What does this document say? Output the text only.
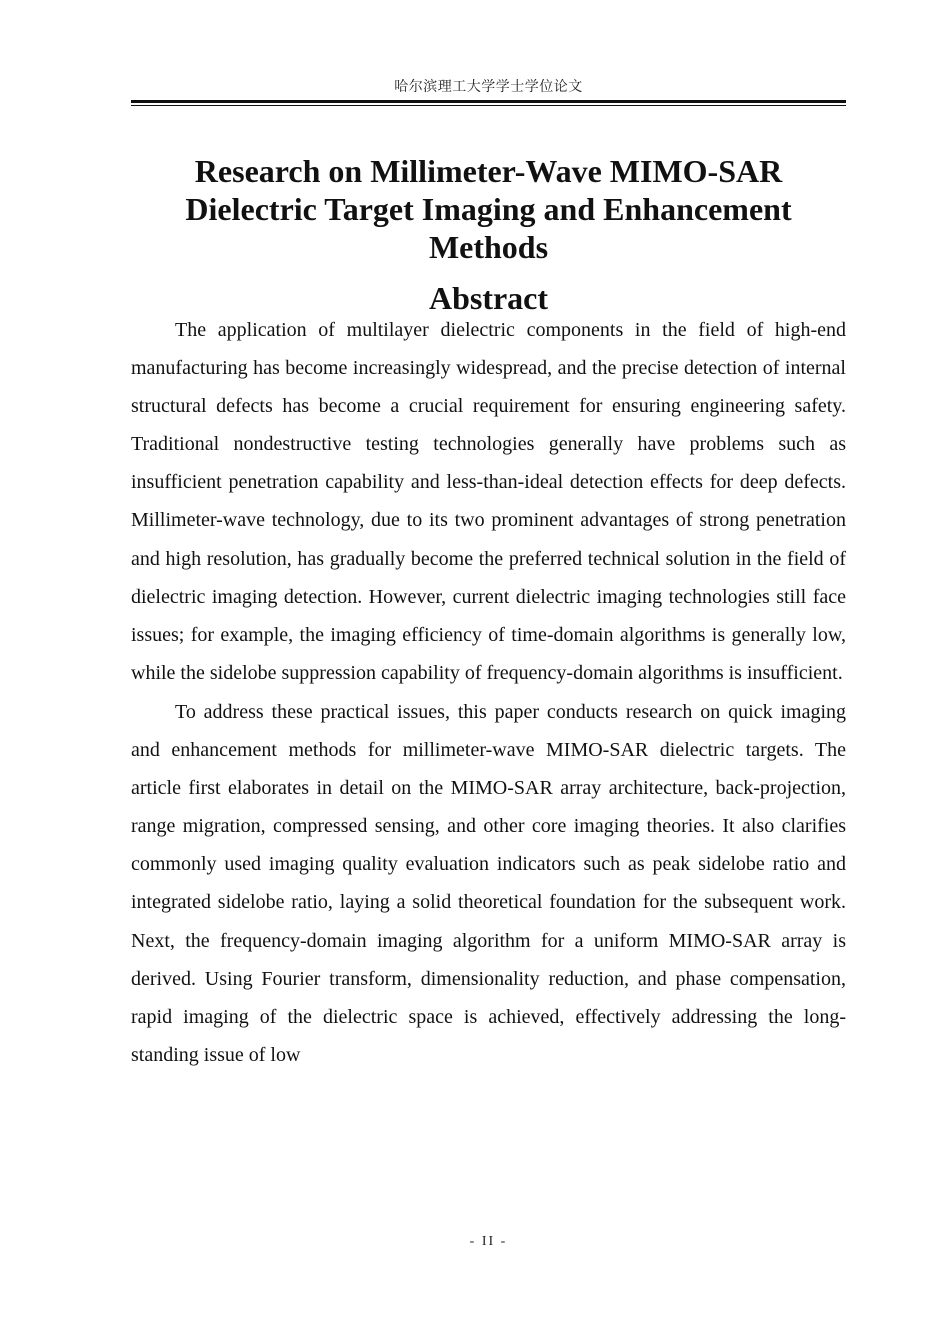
哈尔滨理工大学学士学位论文
Research on Millimeter-Wave MIMO-SAR Dielectric Target Imaging and Enhancement Methods
Abstract

The application of multilayer dielectric components in the field of high-end manufacturing has become increasingly widespread, and the precise detection of internal structural defects has become a crucial requirement for ensuring engineering safety. Traditional nondestructive testing technologies generally have problems such as insufficient penetration capability and less-than-ideal detection effects for deep defects. Millimeter-wave technology, due to its two prominent advantages of strong penetration and high resolution, has gradually become the preferred technical solution in the field of dielectric imaging detection. However, current dielectric imaging technologies still face issues; for example, the imaging efficiency of time-domain algorithms is generally low, while the sidelobe suppression capability of frequency-domain algorithms is insufficient.

To address these practical issues, this paper conducts research on quick imaging and enhancement methods for millimeter-wave MIMO-SAR dielectric targets. The article first elaborates in detail on the MIMO-SAR array architecture, back-projection, range migration, compressed sensing, and other core imaging theories. It also clarifies commonly used imaging quality evaluation indicators such as peak sidelobe ratio and integrated sidelobe ratio, laying a solid theoretical foundation for the subsequent work. Next, the frequency-domain imaging algorithm for a uniform MIMO-SAR array is derived. Using Fourier transform, dimensionality reduction, and phase compensation, rapid imaging of the dielectric space is achieved, effectively addressing the long-standing issue of low

- II -
